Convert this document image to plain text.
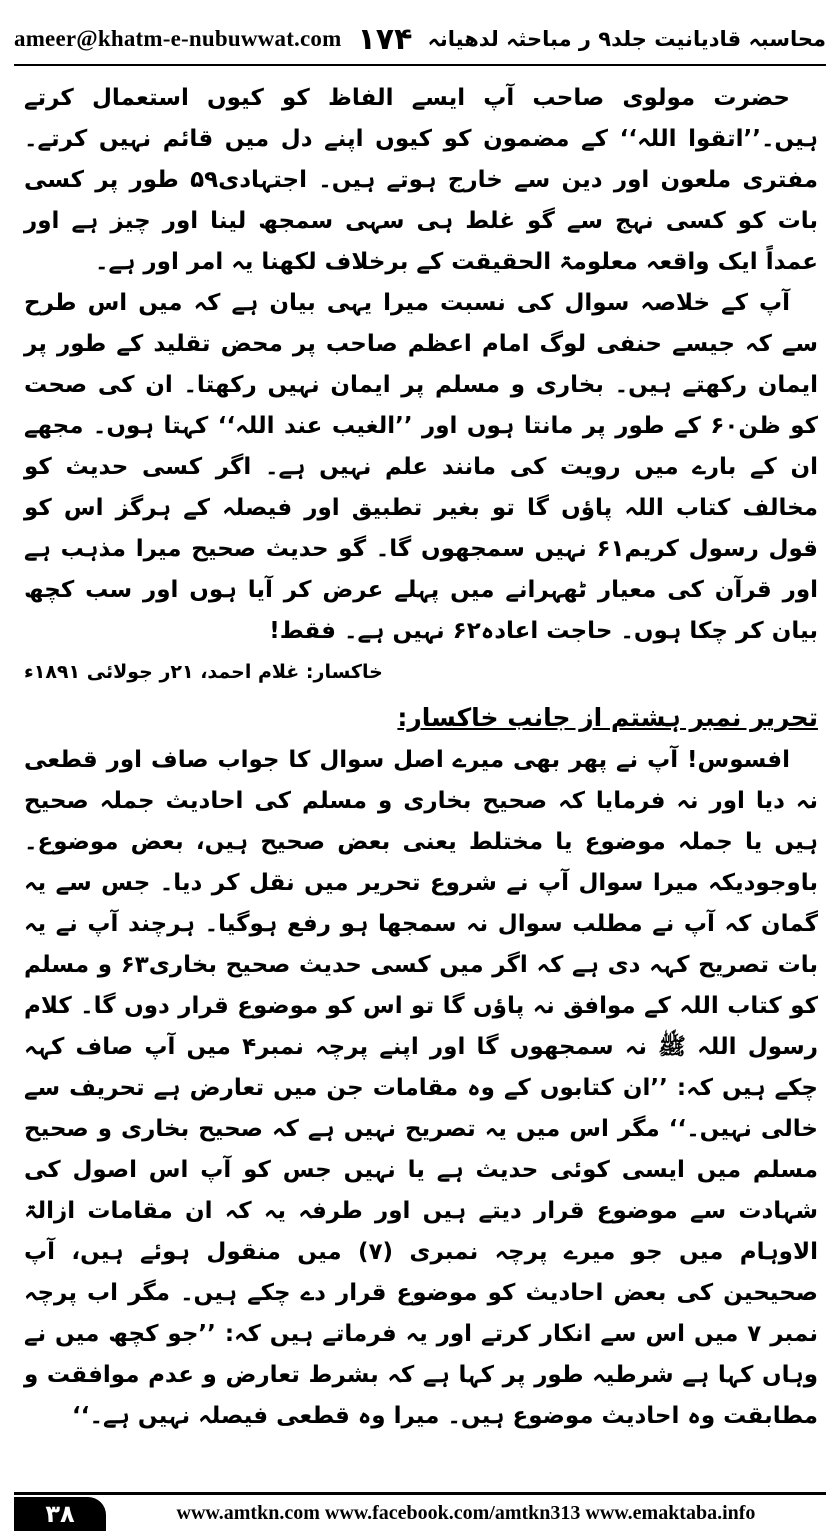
ameer@khatm-e-nubuwwat.com ۱۷۴ محاسبہ قادیانیت جلد۹ ر مباحثہ لدھیانہ

حضرت مولوی صاحب آپ ایسے الفاظ کو کیوں استعمال کرتے ہیں۔’’اتقوا اللہ‘‘ کے مضمون کو کیوں اپنے دل میں قائم نہیں کرتے۔ مفتری ملعون اور دین سے خارج ہوتے ہیں۔ اجتہادی۵۹ طور پر کسی بات کو کسی نہج سے گو غلط ہی سہی سمجھ لینا اور چیز ہے اور عمداً ایک واقعہ معلومۃ الحقیقت کے برخلاف لکھنا یہ امر اور ہے۔

آپ کے خلاصہ سوال کی نسبت میرا یہی بیان ہے کہ میں اس طرح سے کہ جیسے حنفی لوگ امام اعظم صاحب پر محض تقلید کے طور پر ایمان رکھتے ہیں۔ بخاری و مسلم پر ایمان نہیں رکھتا۔ ان کی صحت کو ظن۶۰ کے طور پر مانتا ہوں اور ’’الغیب عند اللہ‘‘ کہتا ہوں۔ مجھے ان کے بارے میں رویت کی مانند علم نہیں ہے۔ اگر کسی حدیث کو مخالف کتاب اللہ پاؤں گا تو بغیر تطبیق اور فیصلہ کے ہرگز اس کو قول رسول کریم۶۱ نہیں سمجھوں گا۔ گو حدیث صحیح میرا مذہب ہے اور قرآن کی معیار ٹھہرانے میں پہلے عرض کر آیا ہوں اور سب کچھ بیان کر چکا ہوں۔ حاجت اعادہ۶۲ نہیں ہے۔ فقط!

خاکسار: غلام احمد، ۲۱ر جولائی ۱۸۹۱ء

تحریر نمبر ہشتم از جانب خاکسار:

افسوس! آپ نے پھر بھی میرے اصل سوال کا جواب صاف اور قطعی نہ دیا اور نہ فرمایا کہ صحیح بخاری و مسلم کی احادیث جملہ صحیح ہیں یا جملہ موضوع یا مختلط یعنی بعض صحیح ہیں، بعض موضوع۔ باوجودیکہ میرا سوال آپ نے شروع تحریر میں نقل کر دیا۔ جس سے یہ گمان کہ آپ نے مطلب سوال نہ سمجھا ہو رفع ہوگیا۔ ہرچند آپ نے یہ بات تصریح کہہ دی ہے کہ اگر میں کسی حدیث صحیح بخاری۶۳ و مسلم کو کتاب اللہ کے موافق نہ پاؤں گا تو اس کو موضوع قرار دوں گا۔ کلام رسول اللہ ﷺ نہ سمجھوں گا اور اپنے پرچہ نمبر۴ میں آپ صاف کہہ چکے ہیں کہ: ’’ان کتابوں کے وہ مقامات جن میں تعارض ہے تحریف سے خالی نہیں۔‘‘ مگر اس میں یہ تصریح نہیں ہے کہ صحیح بخاری و صحیح مسلم میں ایسی کوئی حدیث ہے یا نہیں جس کو آپ اس اصول کی شہادت سے موضوع قرار دیتے ہیں اور طرفہ یہ کہ ان مقامات ازالۃ الاوہام میں جو میرے پرچہ نمبری (۷) میں منقول ہوئے ہیں، آپ صحیحین کی بعض احادیث کو موضوع قرار دے چکے ہیں۔ مگر اب پرچہ نمبر ۷ میں اس سے انکار کرتے اور یہ فرماتے ہیں کہ: ’’جو کچھ میں نے وہاں کہا ہے شرطیہ طور پر کہا ہے کہ بشرط تعارض و عدم موافقت و مطابقت وہ احادیث موضوع ہیں۔ میرا وہ قطعی فیصلہ نہیں ہے۔‘‘

۳۸	www.amtkn.com www.facebook.com/amtkn313 www.emaktaba.info
